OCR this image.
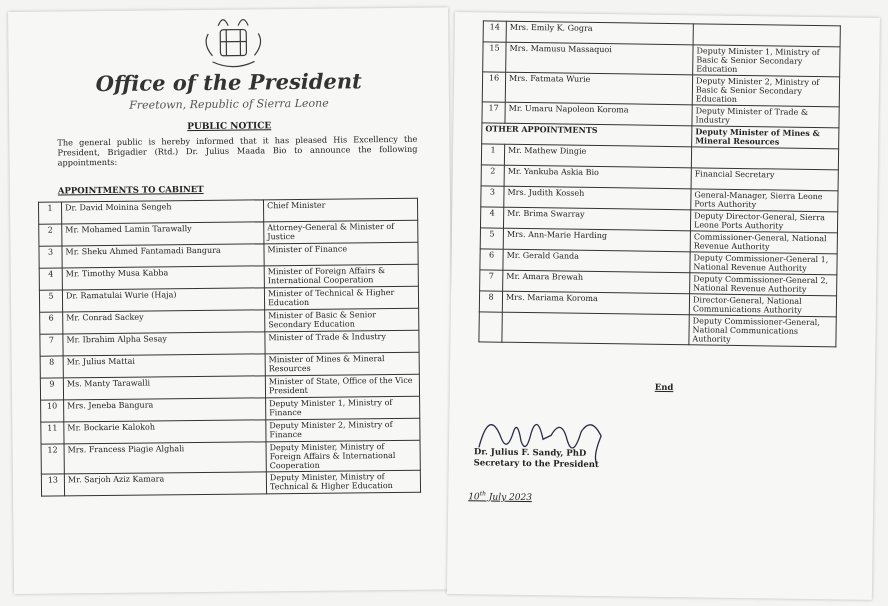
Office of the President
Freetown, Republic of Sierra Leone
PUBLIC NOTICE
The general public is hereby informed that it has pleased His Excellency the President, Brigadier (Rtd.) Dr. Julius Maada Bio to announce the following appointments:
APPOINTMENTS TO CABINET
1	Dr. David Moinina Sengeh	Chief Minister
2	Mr. Mohamed Lamin Tarawally	Attorney-General & Minister of Justice
3	Mr. Sheku Ahmed Fantamadi Bangura	Minister of Finance
4	Mr. Timothy Musa Kabba	Minister of Foreign Affairs & International Cooperation
5	Dr. Ramatulai Wurie (Haja)	Minister of Technical & Higher Education
6	Mr. Conrad Sackey	Minister of Basic & Senior Secondary Education
7	Mr. Ibrahim Alpha Sesay	Minister of Trade & Industry
8	Mr. Julius Mattai	Minister of Mines & Mineral Resources
9	Ms. Manty Tarawalli	Minister of State, Office of the Vice President
10	Mrs. Jeneba Bangura	Deputy Minister 1, Ministry of Finance
11	Mr. Bockarie Kalokoh	Deputy Minister 2, Ministry of Finance
12	Mrs. Francess Piagie Alghali	Deputy Minister, Ministry of Foreign Affairs & International Cooperation
13	Mr. Sarjoh Aziz Kamara	Deputy Minister, Ministry of Technical & Higher Education
14	Mrs. Emily K. Gogra	
15	Mrs. Mamusu Massaquoi	Deputy Minister 1, Ministry of Basic & Senior Secondary Education
16	Mrs. Fatmata Wurie	Deputy Minister 2, Ministry of Basic & Senior Secondary Education
17	Mr. Umaru Napoleon Koroma	Deputy Minister of Trade & Industry
OTHER APPOINTMENTS		Deputy Minister of Mines & Mineral Resources
1	Mr. Mathew Dingie	
2	Mr. Yankuba Askia Bio	Financial Secretary
3	Mrs. Judith Kosseh	General-Manager, Sierra Leone Ports Authority
4	Mr. Brima Swarray	Deputy Director-General, Sierra Leone Ports Authority
5	Mrs. Ann-Marie Harding	Commissioner-General, National Revenue Authority
6	Mr. Gerald Ganda	Deputy Commissioner-General 1, National Revenue Authority
7	Mr. Amara Brewah	Deputy Commissioner-General 2, National Revenue Authority
8	Mrs. Mariama Koroma	Director-General, National Communications Authority
		Deputy Commissioner-General, National Communications Authority
End
Dr. Julius F. Sandy, PhD
Secretary to the President
10th July 2023
